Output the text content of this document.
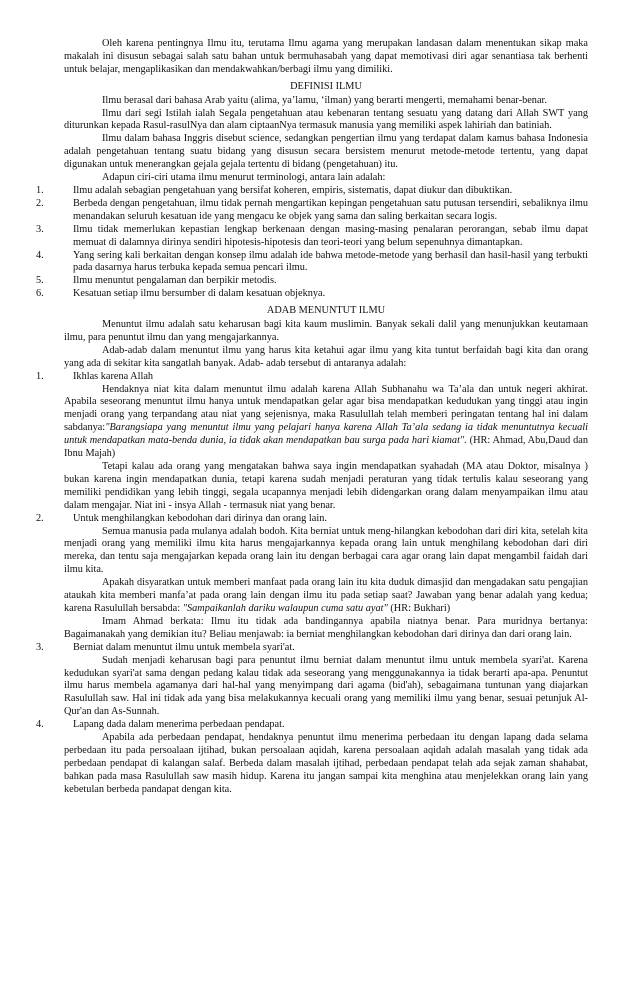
Oleh karena pentingnya Ilmu itu, terutama Ilmu agama yang merupakan landasan dalam menentukan sikap maka makalah ini disusun sebagai salah satu bahan untuk bermuhasabah yang dapat memotivasi diri agar senantiasa tak berhenti untuk belajar, mengaplikasikan dan mendakwahkan/berbagi ilmu yang dimiliki.

DEFINISI ILMU

Ilmu berasal dari bahasa Arab yaitu (alima, ya’lamu, ‘ilman) yang berarti mengerti, memahami benar-benar.

Ilmu dari segi Istilah ialah Segala pengetahuan atau kebenaran tentang sesuatu yang datang dari Allah SWT yang diturunkan kepada Rasul-rasulNya dan alam ciptaanNya termasuk manusia yang memiliki aspek lahiriah dan batiniah.

Ilmu dalam bahasa Inggris disebut science, sedangkan pengertian ilmu yang terdapat dalam kamus bahasa Indonesia adalah pengetahuan tentang suatu bidang yang disusun secara bersistem menurut metode-metode tertentu, yang dapat digunakan untuk menerangkan gejala gejala tertentu di bidang (pengetahuan) itu.

Adapun ciri-ciri utama ilmu menurut terminologi, antara lain adalah:

1.	Ilmu adalah sebagian pengetahuan yang bersifat koheren, empiris, sistematis, dapat diukur dan dibuktikan.
2.	Berbeda dengan pengetahuan, ilmu tidak pernah mengartikan kepingan pengetahuan satu putusan tersendiri, sebaliknya ilmu menandakan seluruh kesatuan ide yang mengacu ke objek yang sama dan saling berkaitan secara logis.
3.	Ilmu tidak memerlukan kepastian lengkap berkenaan dengan masing-masing penalaran perorangan, sebab ilmu dapat memuat di dalamnya dirinya sendiri hipotesis-hipotesis dan teori-teori yang belum sepenuhnya dimantapkan.
4.	Yang sering kali berkaitan dengan konsep ilmu adalah ide bahwa metode-metode yang berhasil dan hasil-hasil yang terbukti pada dasarnya harus terbuka kepada semua pencari ilmu.
5.	Ilmu menuntut pengalaman dan berpikir metodis.
6.	Kesatuan setiap ilmu bersumber di dalam kesatuan objeknya.

ADAB MENUNTUT ILMU

Menuntut ilmu adalah satu keharusan bagi kita kaum muslimin. Banyak sekali dalil yang menunjukkan keutamaan ilmu, para penuntut ilmu dan yang mengajarkannya.

Adab-adab dalam menuntut ilmu yang harus kita ketahui agar ilmu yang kita tuntut berfaidah bagi kita dan orang yang ada di sekitar kita sangatlah banyak. Adab- adab tersebut di antaranya adalah:

1.	Ikhlas karena Allah

Hendaknya niat kita dalam menuntut ilmu adalah karena Allah Subhanahu wa Ta’ala dan untuk negeri akhirat. Apabila seseorang menuntut ilmu hanya untuk mendapatkan gelar agar bisa mendapatkan kedudukan yang tinggi atau ingin menjadi orang yang terpandang atau niat yang sejenisnya, maka Rasulullah telah memberi peringatan tentang hal ini dalam sabdanya:"Barangsiapa yang menuntut ilmu yang pelajari hanya karena Allah Ta’ala sedang ia tidak menuntutnya kecuali untuk mendapatkan mata-benda dunia, ia tidak akan mendapatkan bau surga pada hari kiamat". (HR: Ahmad, Abu,Daud dan Ibnu Majah)

Tetapi kalau ada orang yang mengatakan bahwa saya ingin mendapatkan syahadah (MA atau Doktor, misalnya ) bukan karena ingin mendapatkan dunia, tetapi karena sudah menjadi peraturan yang tidak tertulis kalau seseorang yang memiliki pendidikan yang lebih tinggi, segala ucapannya menjadi lebih didengarkan orang dalam menyampaikan ilmu atau dalam mengajar. Niat ini - insya Allah - termasuk niat yang benar.

2.	Untuk menghilangkan kebodohan dari dirinya dan orang lain.

Semua manusia pada mulanya adalah bodoh. Kita berniat untuk meng-hilangkan kebodohan dari diri kita, setelah kita menjadi orang yang memiliki ilmu kita harus mengajarkannya kepada orang lain untuk menghilang kebodohan dari diri mereka, dan tentu saja mengajarkan kepada orang lain itu dengan berbagai cara agar orang lain dapat mengambil faidah dari ilmu kita.

Apakah disyaratkan untuk memberi manfaat pada orang lain itu kita duduk dimasjid dan mengadakan satu pengajian ataukah kita memberi manfa’at pada orang lain dengan ilmu itu pada setiap saat? Jawaban yang benar adalah yang kedua; karena Rasulullah bersabda: "Sampaikanlah dariku walaupun cuma satu ayat" (HR: Bukhari)

Imam Ahmad berkata: Ilmu itu tidak ada bandingannya apabila niatnya benar. Para muridnya bertanya: Bagaimanakah yang demikian itu? Beliau menjawab: ia berniat menghilangkan kebodohan dari dirinya dan dari orang lain.

3.	Berniat dalam menuntut ilmu untuk membela syari'at.

Sudah menjadi keharusan bagi para penuntut ilmu berniat dalam menuntut ilmu untuk membela syari'at. Karena kedudukan syari'at sama dengan pedang kalau tidak ada seseorang yang menggunakannya ia tidak berarti apa-apa. Penuntut ilmu harus membela agamanya dari hal-hal yang menyimpang dari agama (bid'ah), sebagaimana tuntunan yang diajarkan Rasulullah saw. Hal ini tidak ada yang bisa melakukannya kecuali orang yang memiliki ilmu yang benar, sesuai petunjuk Al-Qur'an dan As-Sunnah.

4.	Lapang dada dalam menerima perbedaan pendapat.

Apabila ada perbedaan pendapat, hendaknya penuntut ilmu menerima perbedaan itu dengan lapang dada selama perbedaan itu pada persoalaan ijtihad, bukan persoalaan aqidah, karena persoalaan aqidah adalah masalah yang tidak ada perbedaan pendapat di kalangan salaf. Berbeda dalam masalah ijtihad, perbedaan pendapat telah ada sejak zaman shahabat, bahkan pada masa Rasulullah saw masih hidup. Karena itu jangan sampai kita menghina atau menjelekkan orang lain yang kebetulan berbeda pandapat dengan kita.
